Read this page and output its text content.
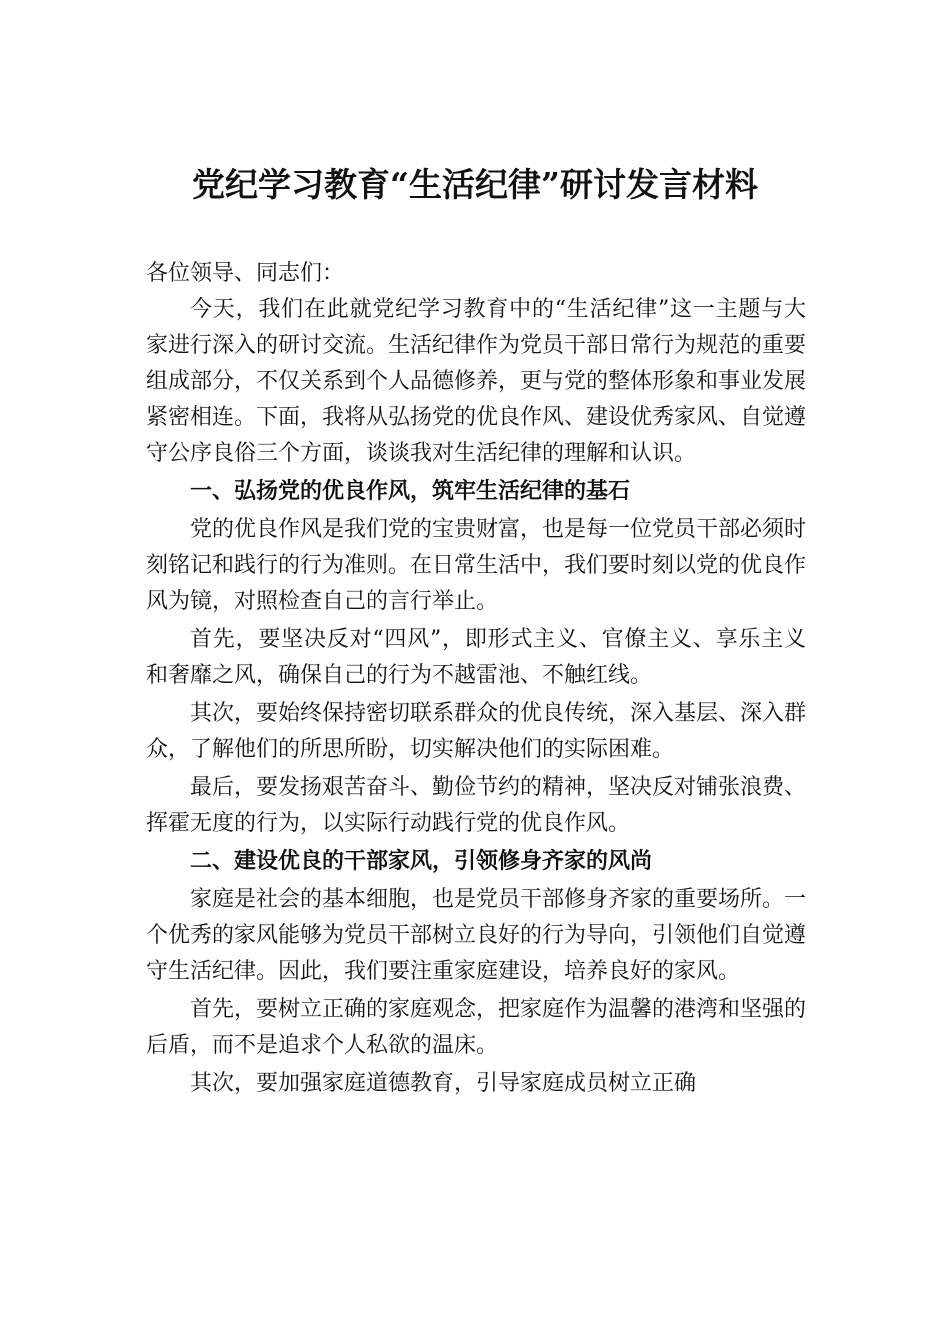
党纪学习教育“生活纪律”研讨发言材料

各位领导、同志们：

今天，我们在此就党纪学习教育中的“生活纪律”这一主题与大家进行深入的研讨交流。生活纪律作为党员干部日常行为规范的重要组成部分，不仅关系到个人品德修养，更与党的整体形象和事业发展紧密相连。下面，我将从弘扬党的优良作风、建设优秀家风、自觉遵守公序良俗三个方面，谈谈我对生活纪律的理解和认识。

一、弘扬党的优良作风，筑牢生活纪律的基石

党的优良作风是我们党的宝贵财富，也是每一位党员干部必须时刻铭记和践行的行为准则。在日常生活中，我们要时刻以党的优良作风为镜，对照检查自己的言行举止。

首先，要坚决反对“四风”，即形式主义、官僚主义、享乐主义和奢靡之风，确保自己的行为不越雷池、不触红线。

其次，要始终保持密切联系群众的优良传统，深入基层、深入群众，了解他们的所思所盼，切实解决他们的实际困难。

最后，要发扬艰苦奋斗、勤俭节约的精神，坚决反对铺张浪费、挥霍无度的行为，以实际行动践行党的优良作风。

二、建设优良的干部家风，引领修身齐家的风尚

家庭是社会的基本细胞，也是党员干部修身齐家的重要场所。一个优秀的家风能够为党员干部树立良好的行为导向，引领他们自觉遵守生活纪律。因此，我们要注重家庭建设，培养良好的家风。

首先，要树立正确的家庭观念，把家庭作为温馨的港湾和坚强的后盾，而不是追求个人私欲的温床。

其次，要加强家庭道德教育，引导家庭成员树立正确
